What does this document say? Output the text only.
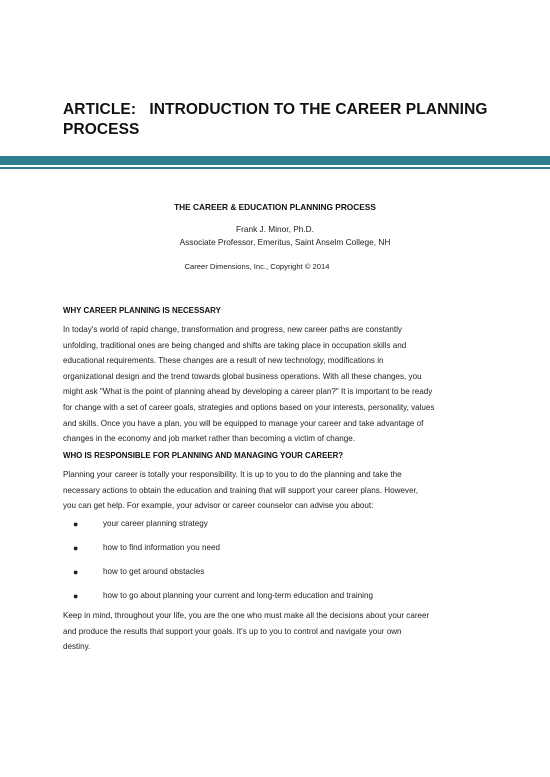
ARTICLE:   INTRODUCTION TO THE CAREER PLANNING
PROCESS
THE CAREER & EDUCATION PLANNING PROCESS
Frank J. Minor, Ph.D.
Associate Professor, Emeritus, Saint Anselm College, NH
Career Dimensions, Inc., Copyright © 2014
WHY CAREER PLANNING IS NECESSARY
In today's world of rapid change, transformation and progress, new career paths are constantly
unfolding, traditional ones are being changed and shifts are taking place in occupation skills and
educational requirements. These changes are a result of new technology, modifications in
organizational design and the trend towards global business operations. With all these changes, you
might ask "What is the point of planning ahead by developing a career plan?" It is important to be ready
for change with a set of career goals, strategies and options based on your interests, personality, values
and skills. Once you have a plan, you will be equipped to manage your career and take advantage of
changes in the economy and job market rather than becoming a victim of change.
WHO IS RESPONSIBLE FOR PLANNING AND MANAGING YOUR CAREER?
Planning your career is totally your responsibility. It is up to you to do the planning and take the
necessary actions to obtain the education and training that will support your career plans. However,
you can get help. For example, your advisor or career counselor can advise you about:
●	your career planning strategy
●	how to find information you need
●	how to get around obstacles
●	how to go about planning your current and long-term education and training
Keep in mind, throughout your life, you are the one who must make all the decisions about your career
and produce the results that support your goals. It's up to you to control and navigate your own
destiny.
